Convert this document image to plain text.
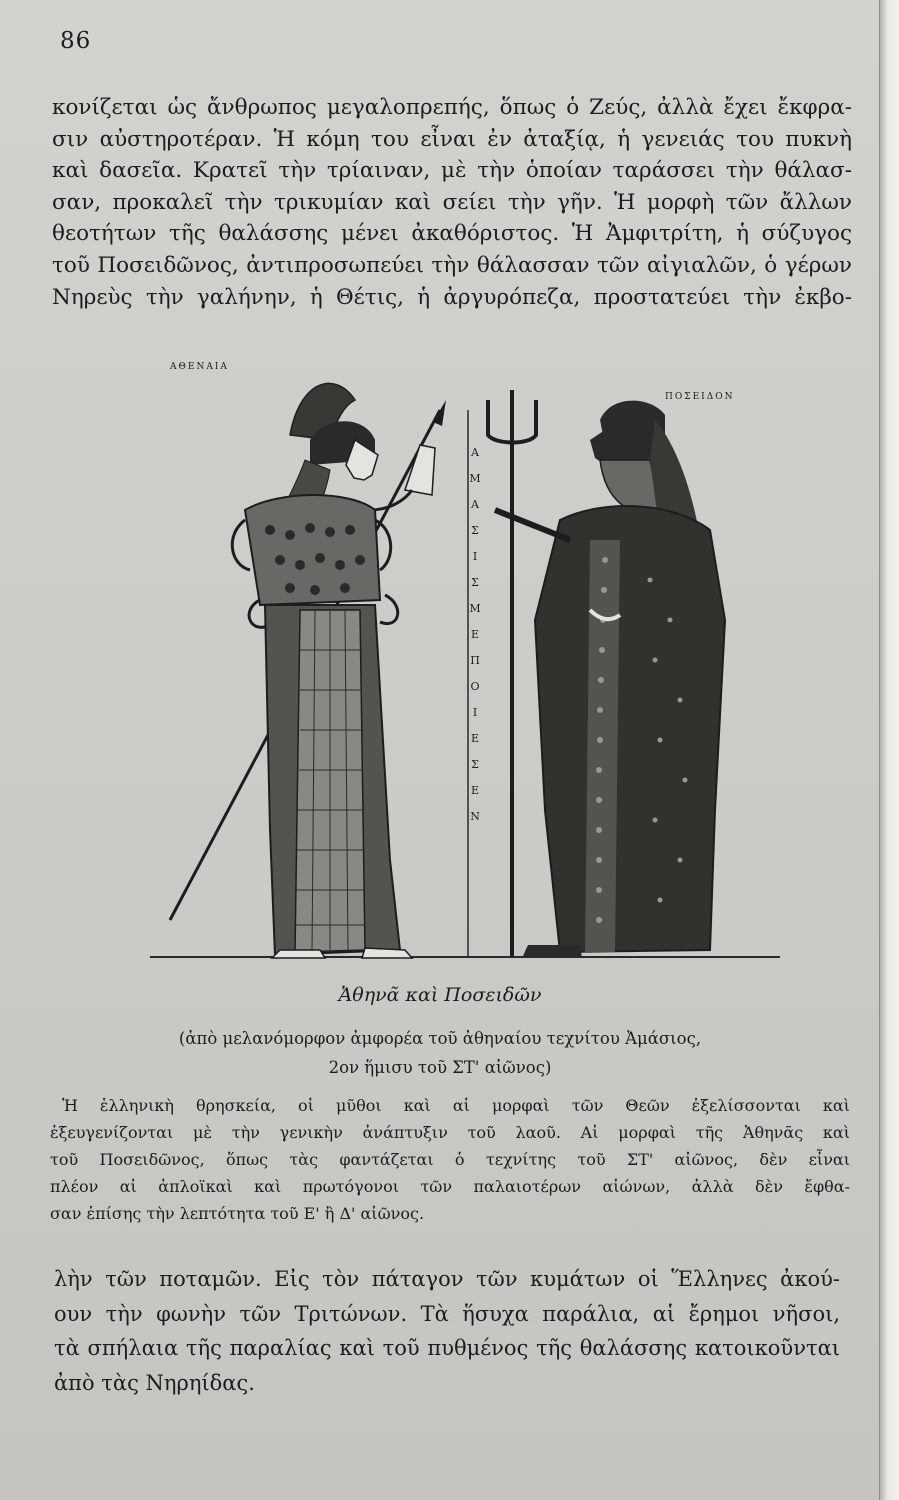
86
κονίζεται ὡς ἄνθρωπος μεγαλοπρεπής, ὅπως ὁ Ζεύς, ἀλλὰ ἔχει ἔκφρα-
σιν αὐστηροτέραν. Ἡ κόμη του εἶναι ἐν ἀταξίᾳ, ἡ γενειάς του πυκνὴ
καὶ δασεῖα. Κρατεῖ τὴν τρίαιναν, μὲ τὴν ὁποίαν ταράσσει τὴν θάλασ-
σαν, προκαλεῖ τὴν τρικυμίαν καὶ σείει τὴν γῆν. Ἡ μορφὴ τῶν ἄλλων
θεοτήτων τῆς θαλάσσης μένει ἀκαθόριστος. Ἡ Ἀμφιτρίτη, ἡ σύζυγος
τοῦ Ποσειδῶνος, ἀντιπροσωπεύει τὴν θάλασσαν τῶν αἰγιαλῶν, ὁ γέρων
Νηρεὺς τὴν γαλήνην, ἡ Θέτις, ἡ ἀργυρόπεζα, προστατεύει τὴν ἐκβο-
ΑΘΕΝΑΙΑ
ΠΟΣΕΙΔΟΝ
Α
Μ
Α
Σ
Ι
Σ
Μ
Ε
Π
Ο
Ι
Ε
Σ
Ε
Ν
Ἀθηνᾶ καὶ Ποσειδῶν
(ἀπὸ μελανόμορφον ἀμφορέα τοῦ ἀθηναίου τεχνίτου Ἀμάσιος,
2ον ἥμισυ τοῦ ΣΤ' αἰῶνος)
Ἡ ἑλληνικὴ θρησκεία, οἱ μῦθοι καὶ αἱ μορφαὶ τῶν Θεῶν ἐξελίσσονται καὶ
ἐξευγενίζονται μὲ τὴν γενικὴν ἀνάπτυξιν τοῦ λαοῦ. Αἱ μορφαὶ τῆς Ἀθηνᾶς καὶ
τοῦ Ποσειδῶνος, ὅπως τὰς φαντάζεται ὁ τεχνίτης τοῦ ΣΤ' αἰῶνος, δὲν εἶναι
πλέον αἱ ἁπλοϊκαὶ καὶ πρωτόγονοι τῶν παλαιοτέρων αἰώνων, ἀλλὰ δὲν ἔφθα-
σαν ἐπίσης τὴν λεπτότητα τοῦ Ε' ἢ Δ' αἰῶνος.
λὴν τῶν ποταμῶν. Εἰς τὸν πάταγον τῶν κυμάτων οἱ Ἕλληνες ἀκού-
ουν τὴν φωνὴν τῶν Τριτώνων. Τὰ ἥσυχα παράλια, αἱ ἔρημοι νῆσοι,
τὰ σπήλαια τῆς παραλίας καὶ τοῦ πυθμένος τῆς θαλάσσης κατοικοῦνται
ἀπὸ τὰς Νηρηίδας.
